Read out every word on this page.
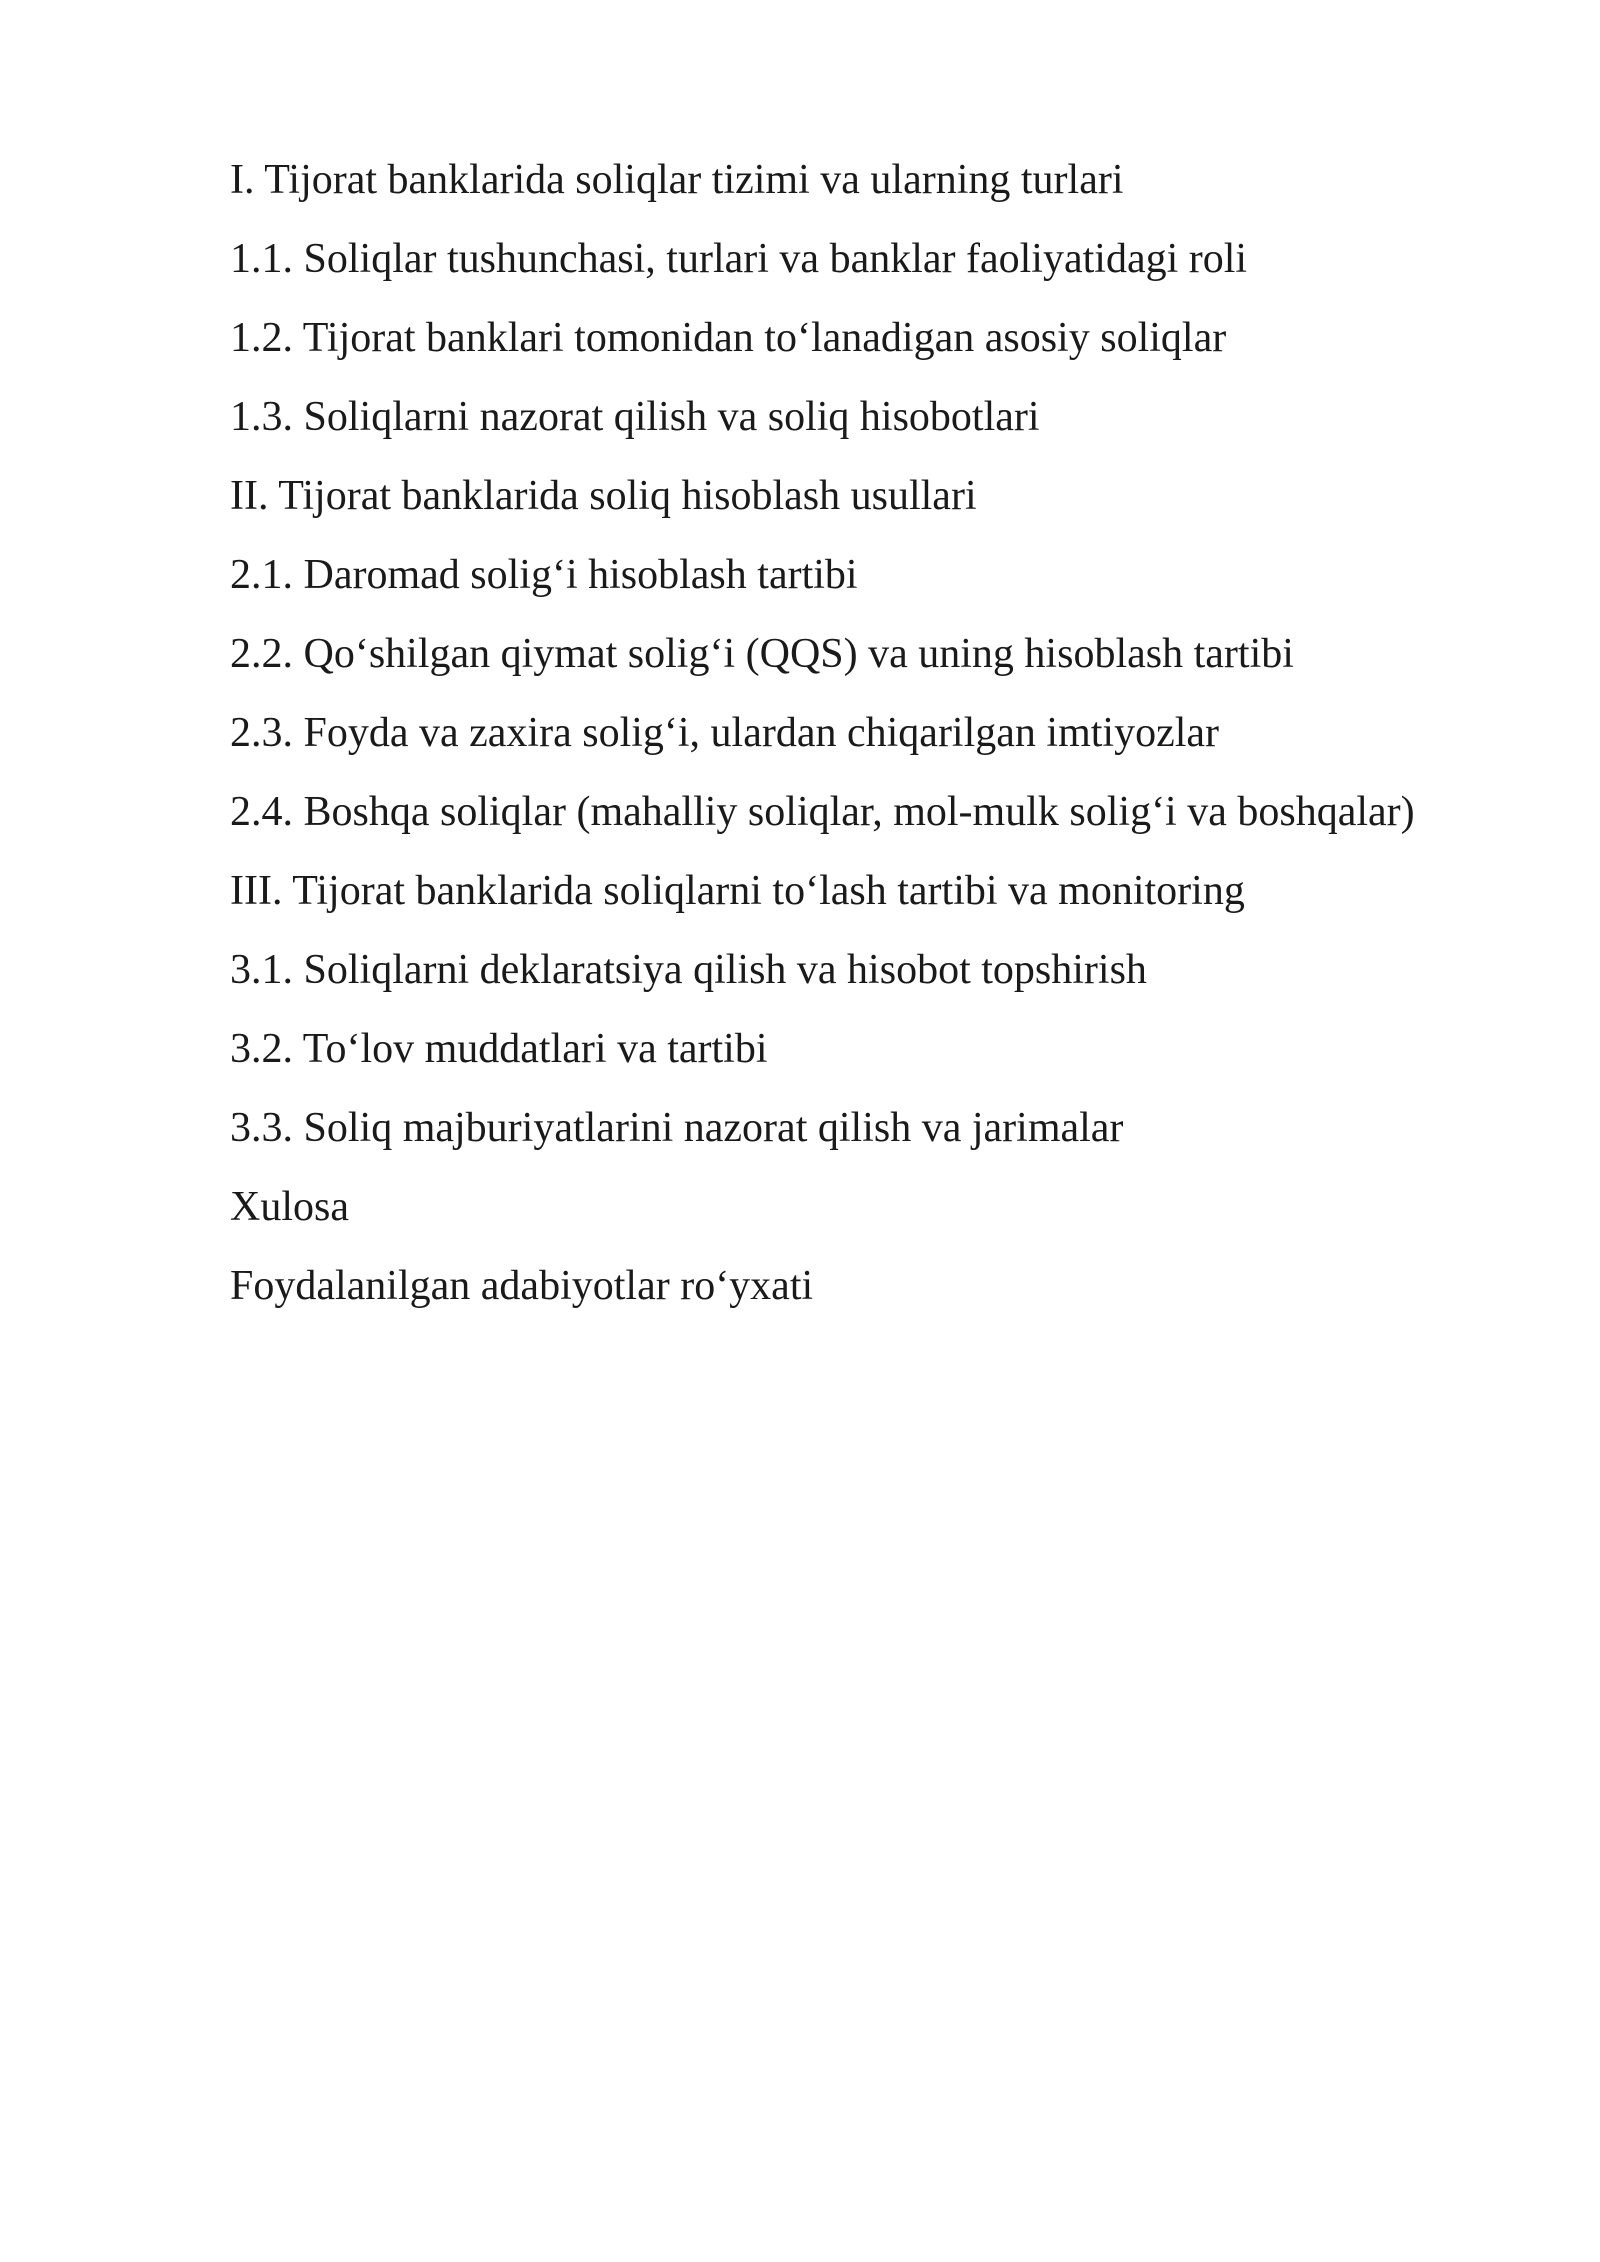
I. Tijorat banklarida soliqlar tizimi va ularning turlari
1.1. Soliqlar tushunchasi, turlari va banklar faoliyatidagi roli
1.2. Tijorat banklari tomonidan to‘lanadigan asosiy soliqlar
1.3. Soliqlarni nazorat qilish va soliq hisobotlari
II. Tijorat banklarida soliq hisoblash usullari
2.1. Daromad solig‘i hisoblash tartibi
2.2. Qo‘shilgan qiymat solig‘i (QQS) va uning hisoblash tartibi
2.3. Foyda va zaxira solig‘i, ulardan chiqarilgan imtiyozlar
2.4. Boshqa soliqlar (mahalliy soliqlar, mol-mulk solig‘i va boshqalar)
III. Tijorat banklarida soliqlarni to‘lash tartibi va monitoring
3.1. Soliqlarni deklaratsiya qilish va hisobot topshirish
3.2. To‘lov muddatlari va tartibi
3.3. Soliq majburiyatlarini nazorat qilish va jarimalar
Xulosa
Foydalanilgan adabiyotlar ro‘yxati
